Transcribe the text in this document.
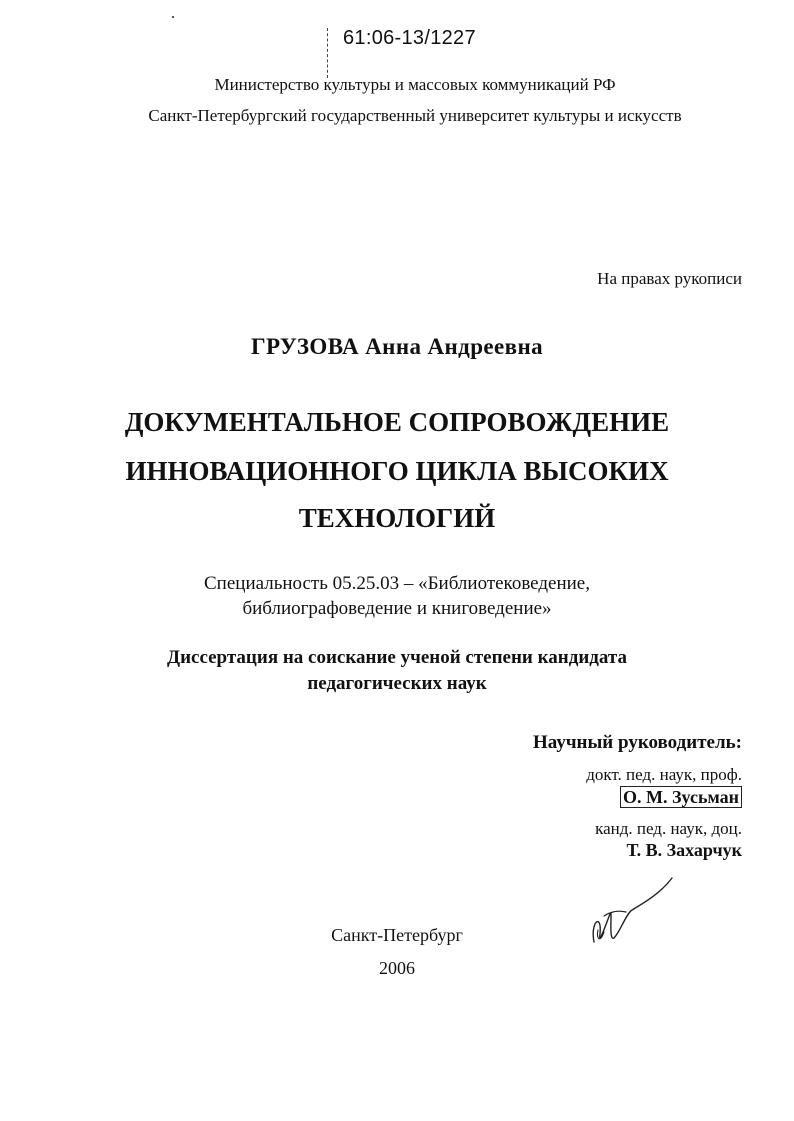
61:06-13/1227
Министерство культуры и массовых коммуникаций РФ
Санкт-Петербургский государственный университет культуры и искусств
На правах рукописи
ГРУЗОВА Анна Андреевна
ДОКУМЕНТАЛЬНОЕ СОПРОВОЖДЕНИЕ
ИННОВАЦИОННОГО ЦИКЛА ВЫСОКИХ
ТЕХНОЛОГИЙ
Специальность 05.25.03 – «Библиотековедение,
библиографоведение и книговедение»
Диссертация на соискание ученой степени кандидата
педагогических наук
Научный руководитель:
докт. пед. наук, проф.
О. М. Зусьман
канд. пед. наук, доц.
Т. В. Захарчук
Санкт-Петербург
2006
